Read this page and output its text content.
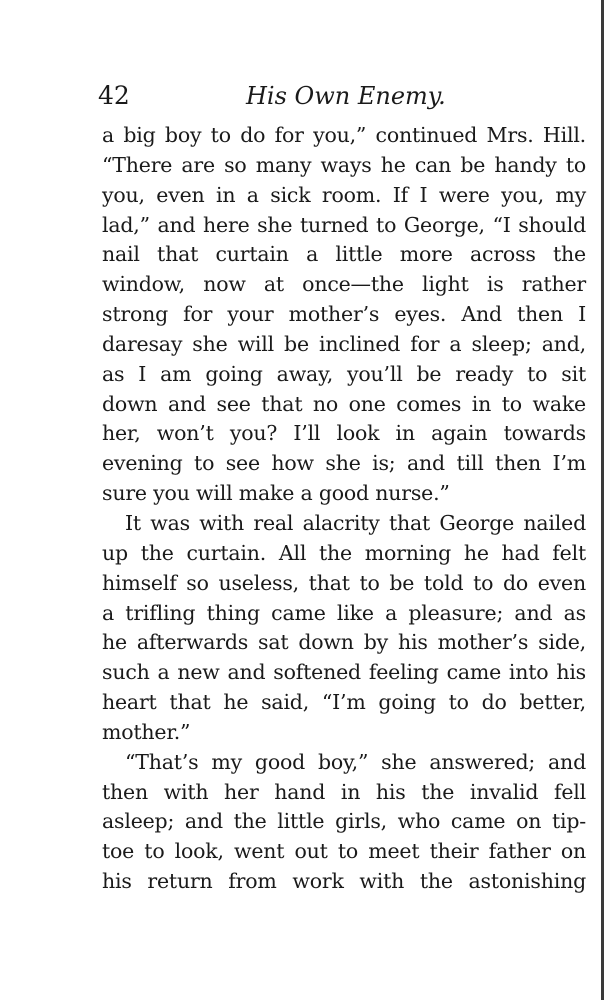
42	His Own Enemy.
a big boy to do for you,” continued Mrs. Hill.
“There are so many ways he can be handy to
you, even in a sick room. If I were you, my
lad,” and here she turned to George, “I should
nail that curtain a little more across the
window, now at once—the light is rather
strong for your mother’s eyes. And then I
daresay she will be inclined for a sleep; and,
as I am going away, you’ll be ready to sit
down and see that no one comes in to wake
her, won’t you? I’ll look in again towards
evening to see how she is; and till then I’m
sure you will make a good nurse.”
It was with real alacrity that George nailed
up the curtain. All the morning he had felt
himself so useless, that to be told to do even
a trifling thing came like a pleasure; and as
he afterwards sat down by his mother’s side,
such a new and softened feeling came into his
heart that he said, “I’m going to do better,
mother.”
“That’s my good boy,” she answered; and
then with her hand in his the invalid fell
asleep; and the little girls, who came on tip-
toe to look, went out to meet their father on
his return from work with the astonishing
